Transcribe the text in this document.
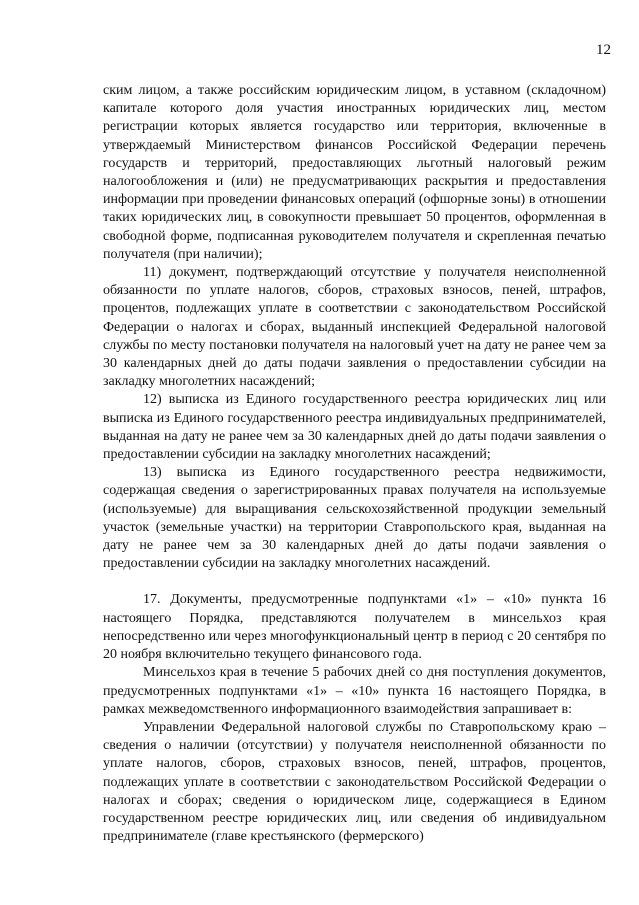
12

ским лицом, а также российским юридическим лицом, в уставном (складочном) капитале которого доля участия иностранных юридических лиц, местом регистрации которых является государство или территория, включенные в утверждаемый Министерством финансов Российской Федерации перечень государств и территорий, предоставляющих льготный налоговый режим налогообложения и (или) не предусматривающих раскрытия и предоставления информации при проведении финансовых операций (офшорные зоны) в отношении таких юридических лиц, в совокупности превышает 50 процентов, оформленная в свободной форме, подписанная руководителем получателя и скрепленная печатью получателя (при наличии);

11) документ, подтверждающий отсутствие у получателя неисполненной обязанности по уплате налогов, сборов, страховых взносов, пеней, штрафов, процентов, подлежащих уплате в соответствии с законодательством Российской Федерации о налогах и сборах, выданный инспекцией Федеральной налоговой службы по месту постановки получателя на налоговый учет на дату не ранее чем за 30 календарных дней до даты подачи заявления о предоставлении субсидии на закладку многолетних насаждений;

12) выписка из Единого государственного реестра юридических лиц или выписка из Единого государственного реестра индивидуальных предпринимателей, выданная на дату не ранее чем за 30 календарных дней до даты подачи заявления о предоставлении субсидии на закладку многолетних насаждений;

13) выписка из Единого государственного реестра недвижимости, содержащая сведения о зарегистрированных правах получателя на используемые (используемые) для выращивания сельскохозяйственной продукции земельный участок (земельные участки) на территории Ставропольского края, выданная на дату не ранее чем за 30 календарных дней до даты подачи заявления о предоставлении субсидии на закладку многолетних насаждений.

17. Документы, предусмотренные подпунктами «1» – «10» пункта 16 настоящего Порядка, представляются получателем в минсельхоз края непосредственно или через многофункциональный центр в период с 20 сентября по 20 ноября включительно текущего финансового года.

Минсельхоз края в течение 5 рабочих дней со дня поступления документов, предусмотренных подпунктами «1» – «10» пункта 16 настоящего Порядка, в рамках межведомственного информационного взаимодействия запрашивает в:

Управлении Федеральной налоговой службы по Ставропольскому краю – сведения о наличии (отсутствии) у получателя неисполненной обязанности по уплате налогов, сборов, страховых взносов, пеней, штрафов, процентов, подлежащих уплате в соответствии с законодательством Российской Федерации о налогах и сборах; сведения о юридическом лице, содержащиеся в Едином государственном реестре юридических лиц, или сведения об индивидуальном предпринимателе (главе крестьянского (фермерского)
